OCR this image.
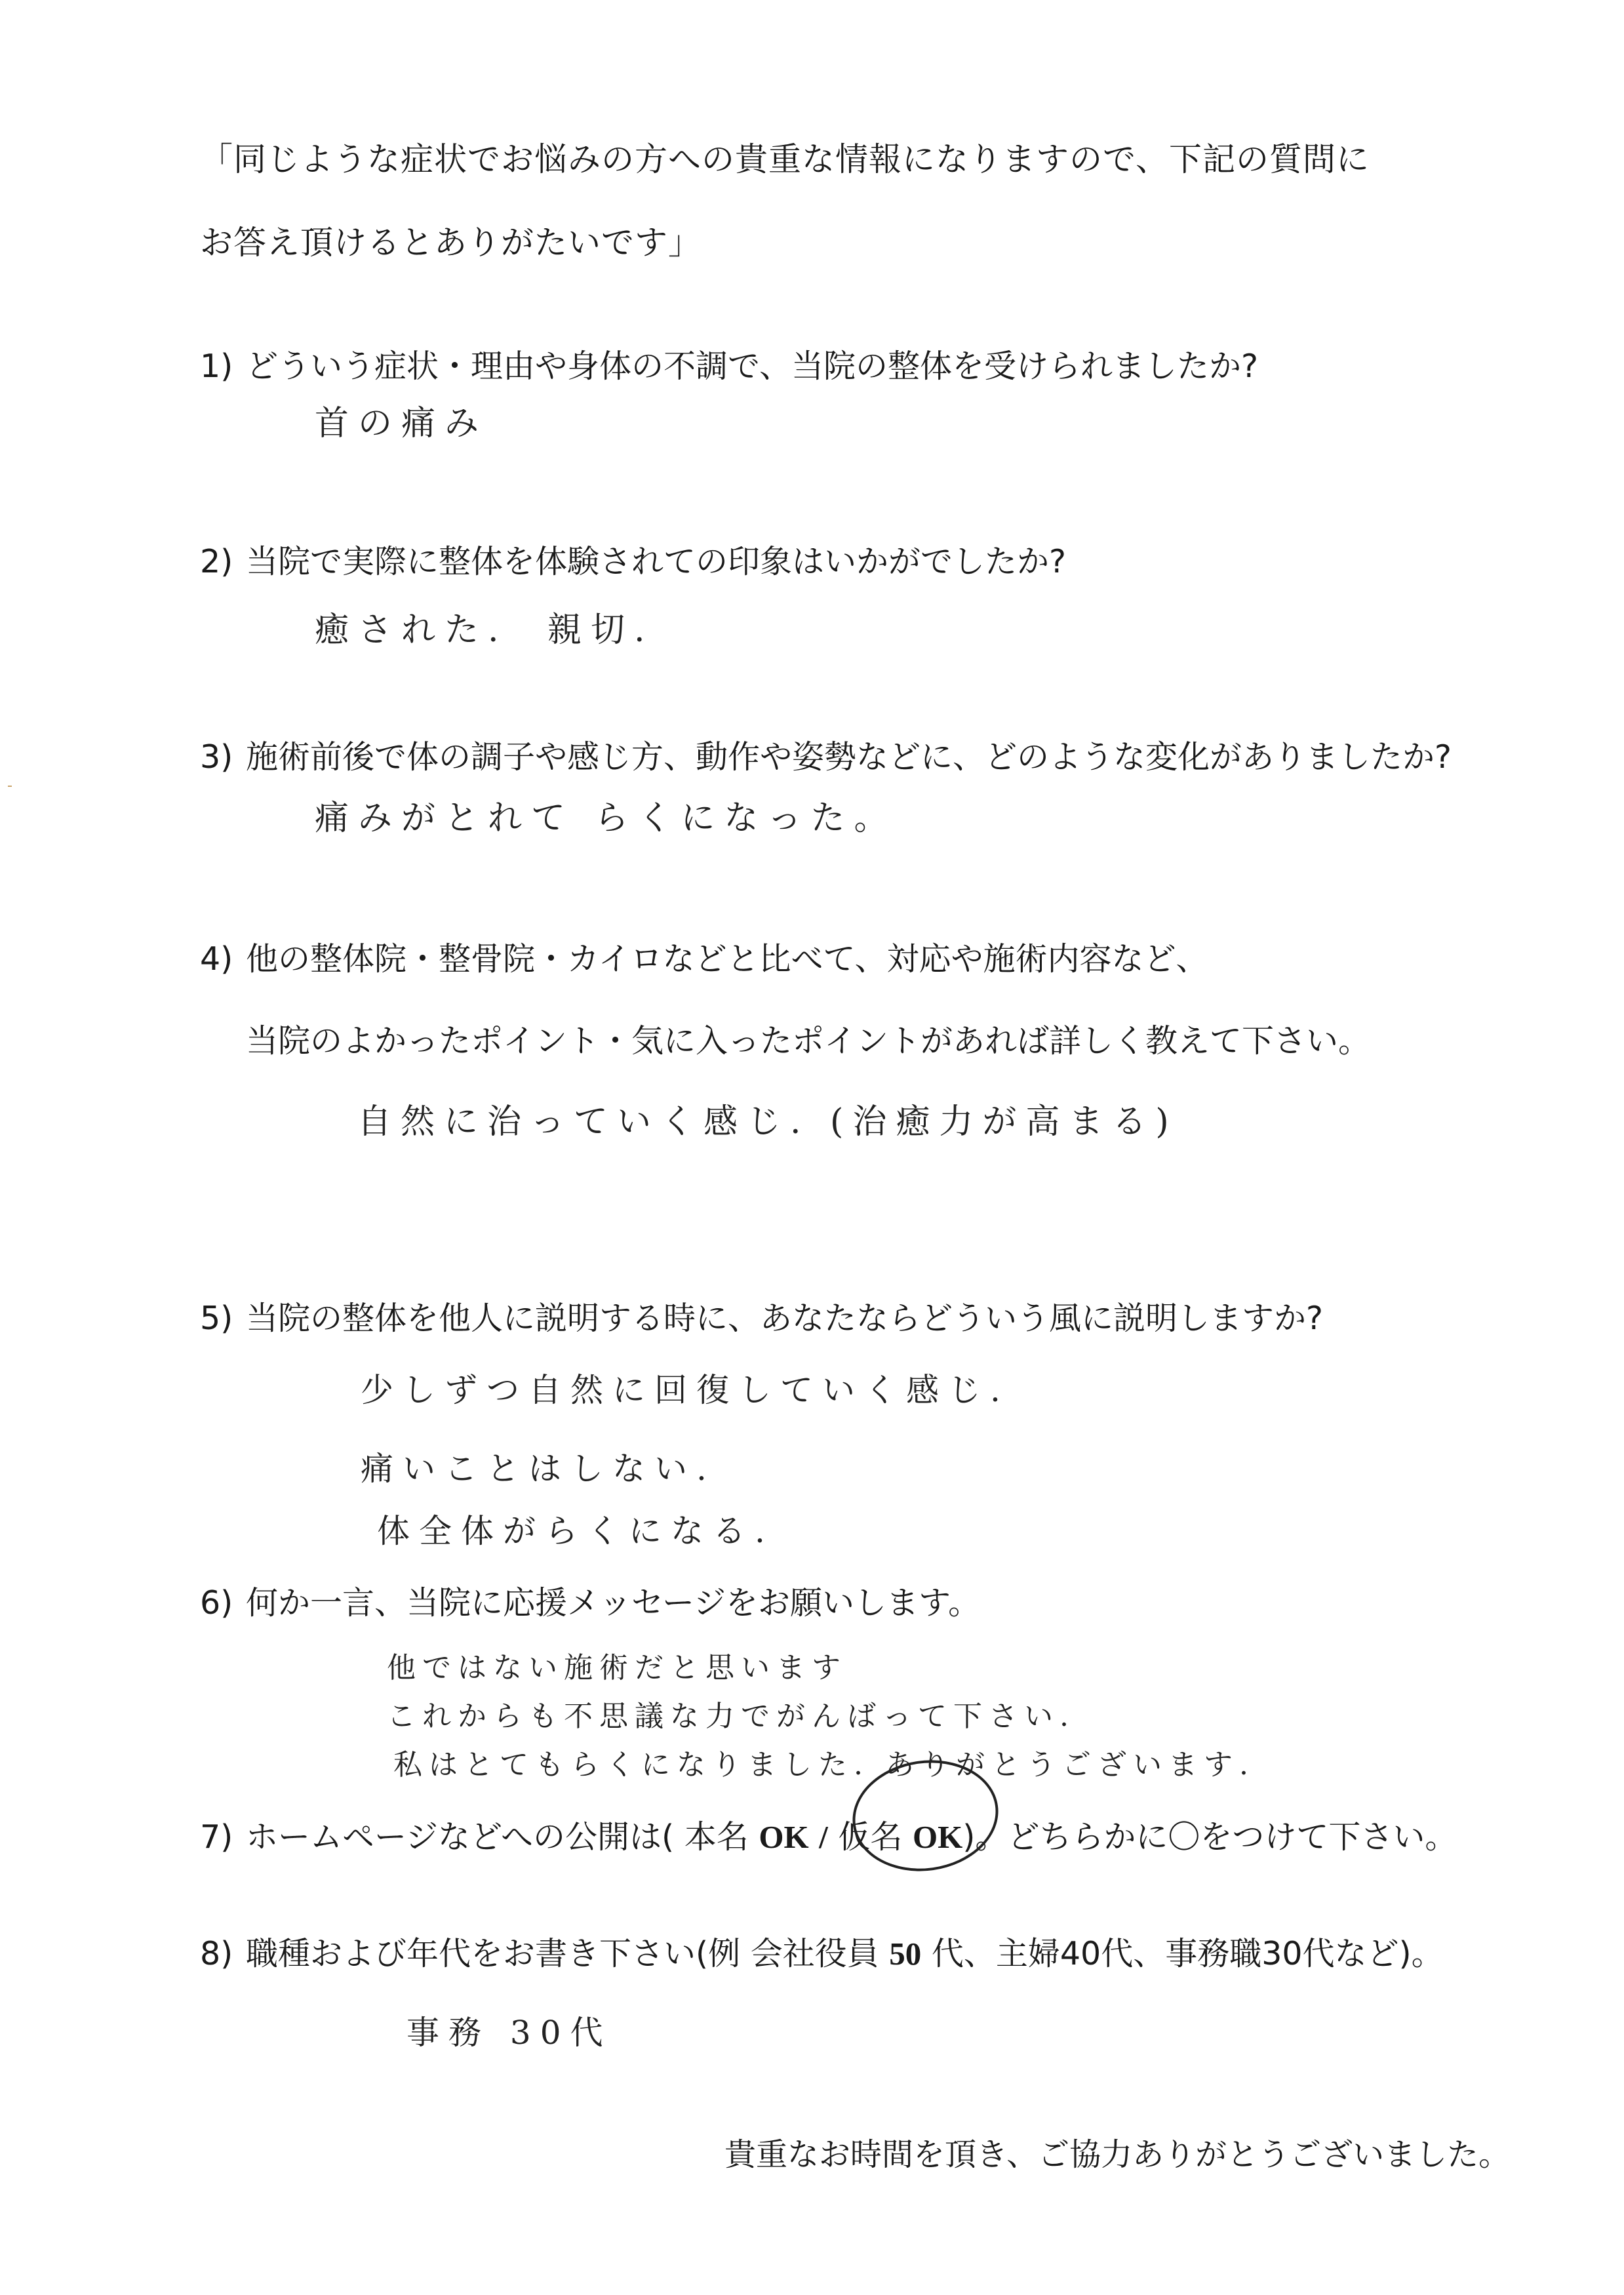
「同じような症状でお悩みの方への貴重な情報になりますので、下記の質問に
お答え頂けるとありがたいです」
1) どういう症状・理由や身体の不調で、当院の整体を受けられましたか?
首の痛み
2) 当院で実際に整体を体験されての印象はいかがでしたか?
癒された. 親切.
3) 施術前後で体の調子や感じ方、動作や姿勢などに、どのような変化がありましたか?
痛みがとれて らくになった。
4) 他の整体院・整骨院・カイロなどと比べて、対応や施術内容など、
当院のよかったポイント・気に入ったポイントがあれば詳しく教えて下さい。
自然に治っていく感じ. (治癒力が高まる)
5) 当院の整体を他人に説明する時に、あなたならどういう風に説明しますか?
少しずつ自然に回復していく感じ.
痛いことはしない.
体全体がらくになる.
6) 何か一言、当院に応援メッセージをお願いします。
他ではない施術だと思います
これからも不思議な力でがんばって下さい.
私はとてもらくになりました. ありがとうございます.
7) ホームページなどへの公開は( 本名 OK / 仮名 OK)。どちらかに〇をつけて下さい。
8) 職種および年代をお書き下さい(例 会社役員 50 代、主婦40代、事務職30代など)。
事務 30代
貴重なお時間を頂き、ご協力ありがとうございました。
